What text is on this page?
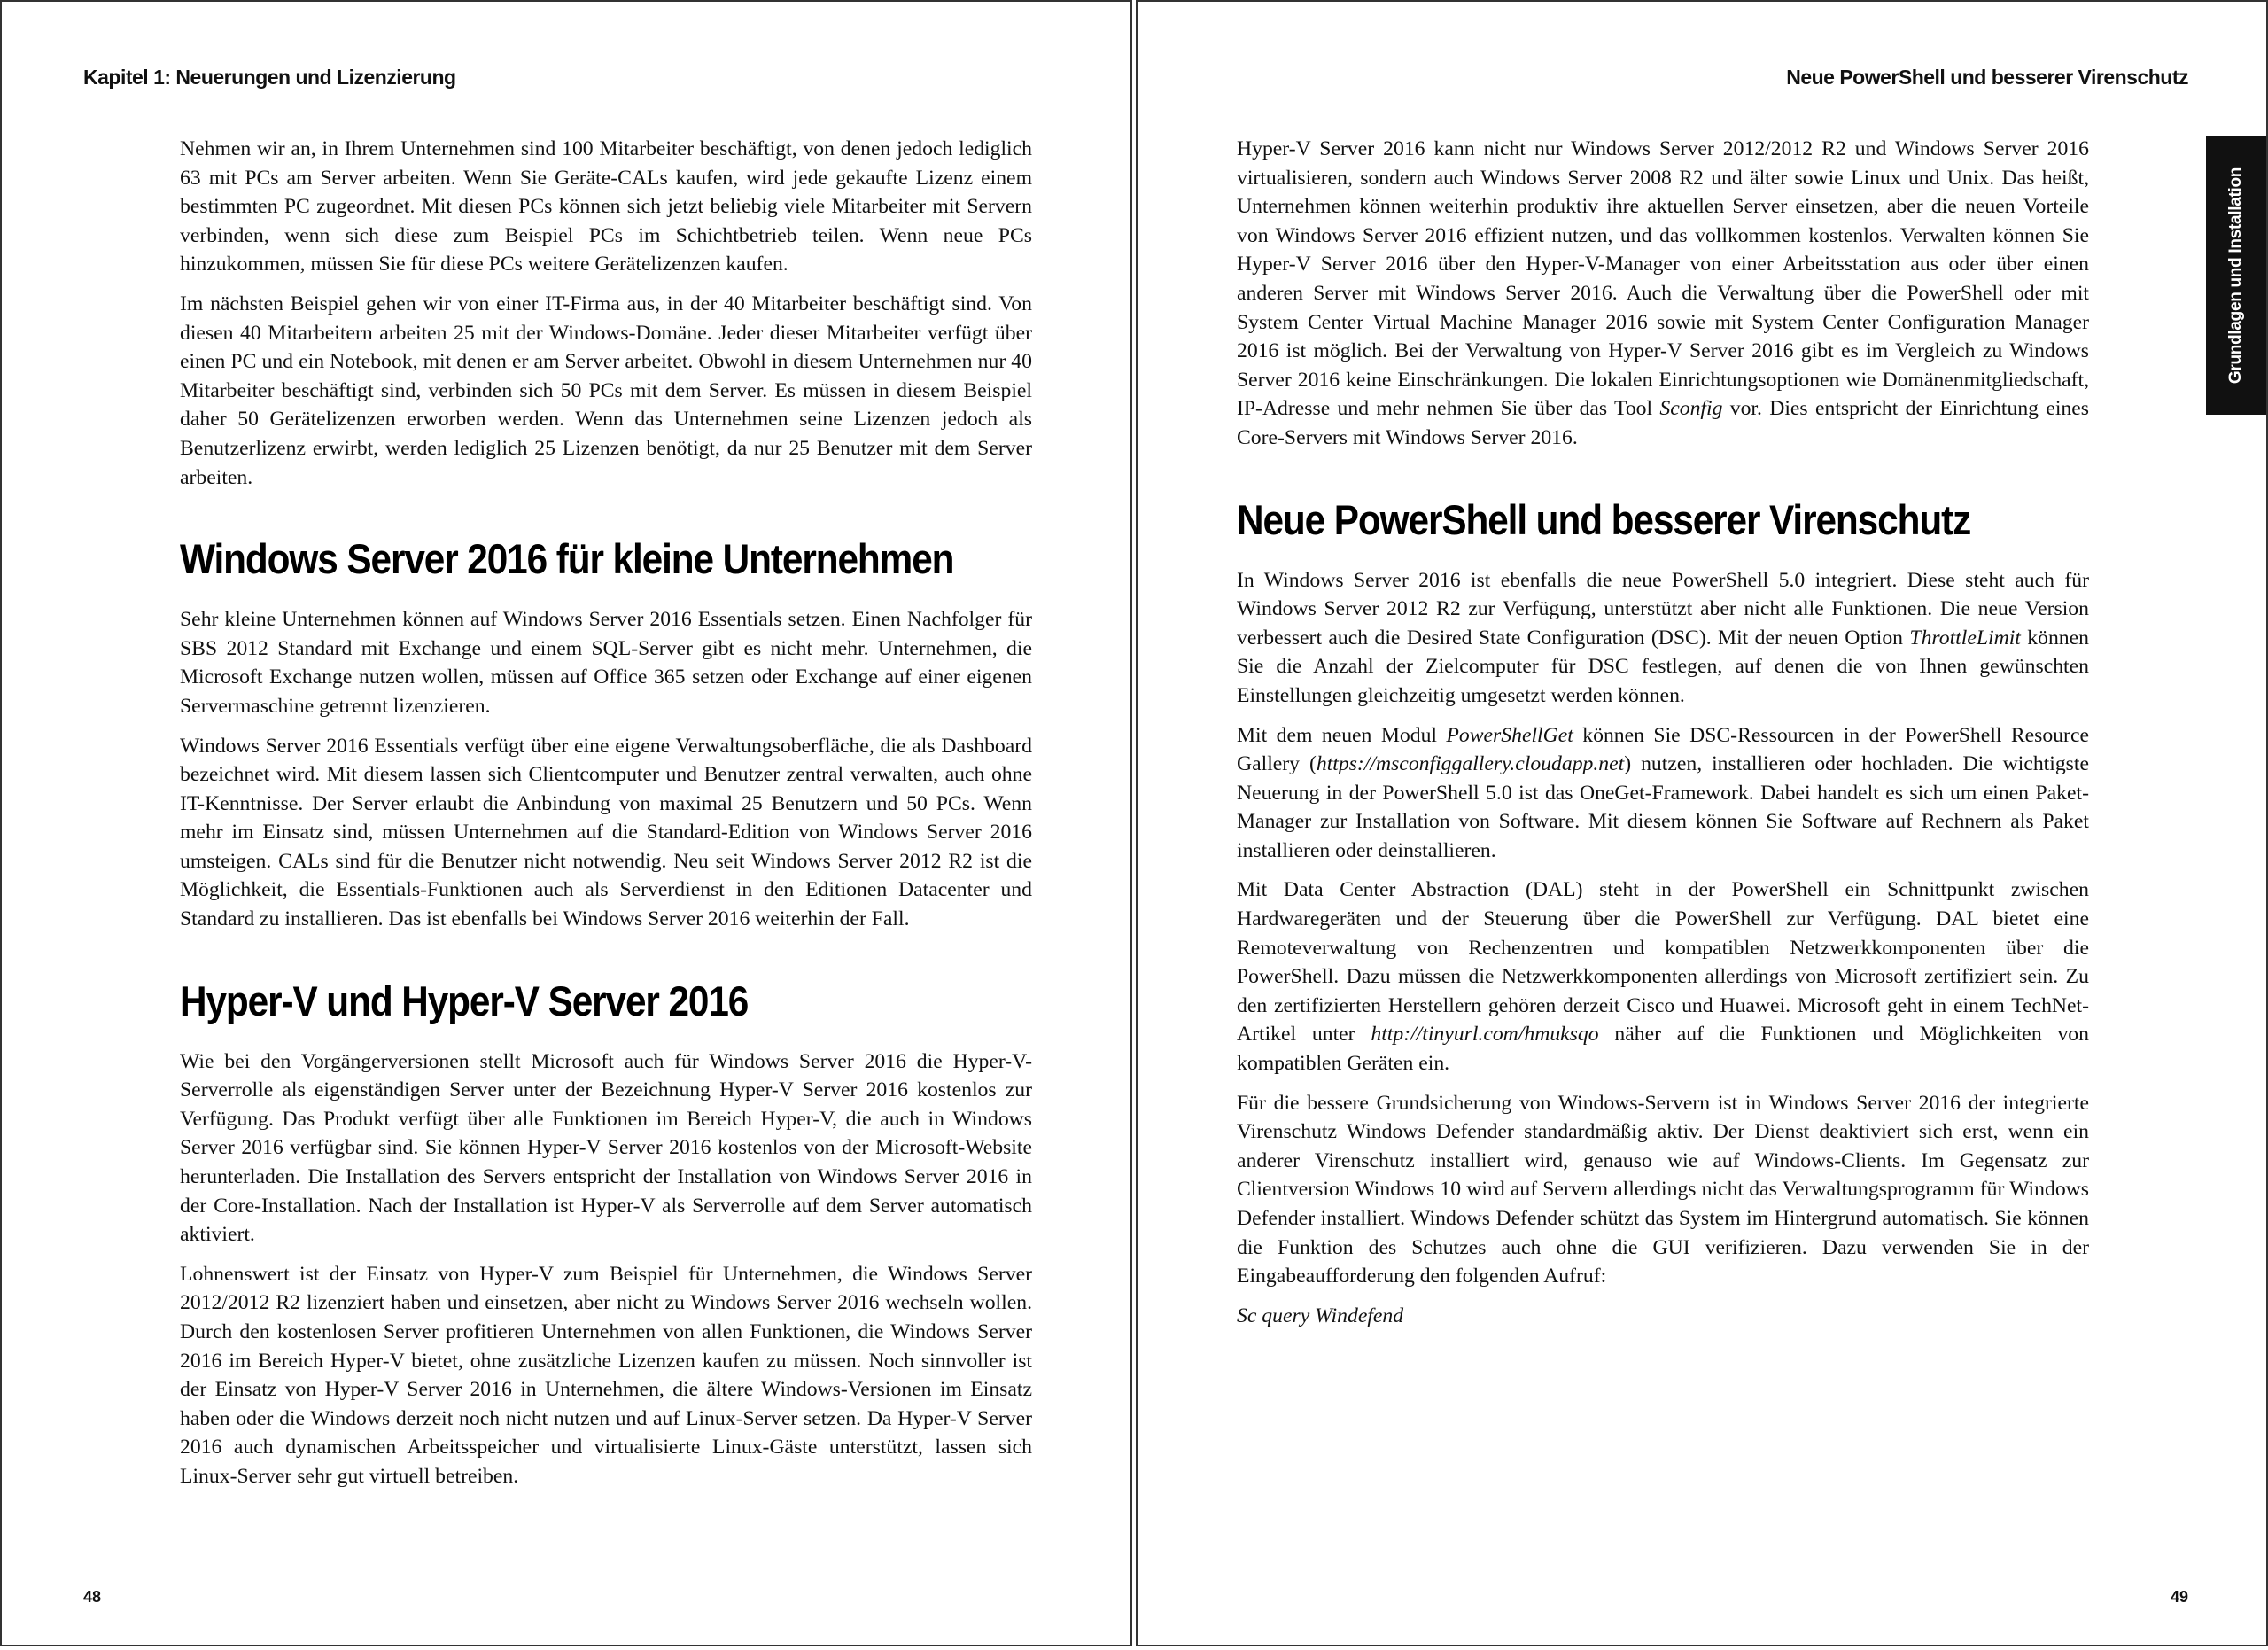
Kapitel 1: Neuerungen und Lizenzierung

Nehmen wir an, in Ihrem Unternehmen sind 100 Mitarbeiter beschäftigt, von denen jedoch lediglich 63 mit PCs am Server arbeiten. Wenn Sie Geräte-CALs kaufen, wird jede gekaufte Lizenz einem bestimmten PC zugeordnet. Mit diesen PCs können sich jetzt beliebig viele Mitarbeiter mit Servern verbinden, wenn sich diese zum Beispiel PCs im Schichtbetrieb teilen. Wenn neue PCs hinzukommen, müssen Sie für diese PCs weitere Gerätelizenzen kaufen.

Im nächsten Beispiel gehen wir von einer IT-Firma aus, in der 40 Mitarbeiter beschäftigt sind. Von diesen 40 Mitarbeitern arbeiten 25 mit der Windows-Domäne. Jeder dieser Mitarbeiter verfügt über einen PC und ein Notebook, mit denen er am Server arbeitet. Obwohl in diesem Unternehmen nur 40 Mitarbeiter beschäftigt sind, verbinden sich 50 PCs mit dem Server. Es müssen in diesem Beispiel daher 50 Gerätelizenzen erworben werden. Wenn das Unternehmen seine Lizenzen jedoch als Benutzerlizenz erwirbt, werden lediglich 25 Lizenzen benötigt, da nur 25 Benutzer mit dem Server arbeiten.

Windows Server 2016 für kleine Unternehmen

Sehr kleine Unternehmen können auf Windows Server 2016 Essentials setzen. Einen Nachfolger für SBS 2012 Standard mit Exchange und einem SQL-Server gibt es nicht mehr. Unternehmen, die Microsoft Exchange nutzen wollen, müssen auf Office 365 setzen oder Exchange auf einer eigenen Servermaschine getrennt lizenzieren.

Windows Server 2016 Essentials verfügt über eine eigene Verwaltungsoberfläche, die als Dashboard bezeichnet wird. Mit diesem lassen sich Clientcomputer und Benutzer zentral verwalten, auch ohne IT-Kenntnisse. Der Server erlaubt die Anbindung von maximal 25 Benutzern und 50 PCs. Wenn mehr im Einsatz sind, müssen Unternehmen auf die Standard-Edition von Windows Server 2016 umsteigen. CALs sind für die Benutzer nicht notwendig. Neu seit Windows Server 2012 R2 ist die Möglichkeit, die Essentials-Funktionen auch als Serverdienst in den Editionen Datacenter und Standard zu installieren. Das ist ebenfalls bei Windows Server 2016 weiterhin der Fall.

Hyper-V und Hyper-V Server 2016

Wie bei den Vorgängerversionen stellt Microsoft auch für Windows Server 2016 die Hyper-V-Serverrolle als eigenständigen Server unter der Bezeichnung Hyper-V Server 2016 kostenlos zur Verfügung. Das Produkt verfügt über alle Funktionen im Bereich Hyper-V, die auch in Windows Server 2016 verfügbar sind. Sie können Hyper-V Server 2016 kostenlos von der Microsoft-Website herunterladen. Die Installation des Servers entspricht der Installation von Windows Server 2016 in der Core-Installation. Nach der Installation ist Hyper-V als Serverrolle auf dem Server automatisch aktiviert.

Lohnenswert ist der Einsatz von Hyper-V zum Beispiel für Unternehmen, die Windows Server 2012/2012 R2 lizenziert haben und einsetzen, aber nicht zu Windows Server 2016 wechseln wollen. Durch den kostenlosen Server profitieren Unternehmen von allen Funktionen, die Windows Server 2016 im Bereich Hyper-V bietet, ohne zusätzliche Lizenzen kaufen zu müssen. Noch sinnvoller ist der Einsatz von Hyper-V Server 2016 in Unternehmen, die ältere Windows-Versionen im Einsatz haben oder die Windows derzeit noch nicht nutzen und auf Linux-Server setzen. Da Hyper-V Server 2016 auch dynamischen Arbeitsspeicher und virtualisierte Linux-Gäste unterstützt, lassen sich Linux-Server sehr gut virtuell betreiben.

48
Neue PowerShell und besserer Virenschutz
Grundlagen und Installation

Hyper-V Server 2016 kann nicht nur Windows Server 2012/2012 R2 und Windows Server 2016 virtualisieren, sondern auch Windows Server 2008 R2 und älter sowie Linux und Unix. Das heißt, Unternehmen können weiterhin produktiv ihre aktuellen Server einsetzen, aber die neuen Vorteile von Windows Server 2016 effizient nutzen, und das vollkommen kostenlos. Verwalten können Sie Hyper-V Server 2016 über den Hyper-V-Manager von einer Arbeitsstation aus oder über einen anderen Server mit Windows Server 2016. Auch die Verwaltung über die PowerShell oder mit System Center Virtual Machine Manager 2016 sowie mit System Center Configuration Manager 2016 ist möglich. Bei der Verwaltung von Hyper-V Server 2016 gibt es im Vergleich zu Windows Server 2016 keine Einschränkungen. Die lokalen Einrichtungsoptionen wie Domänenmitgliedschaft, IP-Adresse und mehr nehmen Sie über das Tool Sconfig vor. Dies entspricht der Einrichtung eines Core-Servers mit Windows Server 2016.

Neue PowerShell und besserer Virenschutz

In Windows Server 2016 ist ebenfalls die neue PowerShell 5.0 integriert. Diese steht auch für Windows Server 2012 R2 zur Verfügung, unterstützt aber nicht alle Funktionen. Die neue Version verbessert auch die Desired State Configuration (DSC). Mit der neuen Option ThrottleLimit können Sie die Anzahl der Zielcomputer für DSC festlegen, auf denen die von Ihnen gewünschten Einstellungen gleichzeitig umgesetzt werden können.

Mit dem neuen Modul PowerShellGet können Sie DSC-Ressourcen in der PowerShell Resource Gallery (https://msconfiggallery.cloudapp.net) nutzen, installieren oder hochladen. Die wichtigste Neuerung in der PowerShell 5.0 ist das OneGet-Framework. Dabei handelt es sich um einen Paket-Manager zur Installation von Software. Mit diesem können Sie Software auf Rechnern als Paket installieren oder deinstallieren.

Mit Data Center Abstraction (DAL) steht in der PowerShell ein Schnittpunkt zwischen Hardwaregeräten und der Steuerung über die PowerShell zur Verfügung. DAL bietet eine Remoteverwaltung von Rechenzentren und kompatiblen Netzwerkkomponenten über die PowerShell. Dazu müssen die Netzwerkkomponenten allerdings von Microsoft zertifiziert sein. Zu den zertifizierten Herstellern gehören derzeit Cisco und Huawei. Microsoft geht in einem TechNet-Artikel unter http://tinyurl.com/hmuksqo näher auf die Funktionen und Möglichkeiten von kompatiblen Geräten ein.

Für die bessere Grundsicherung von Windows-Servern ist in Windows Server 2016 der integrierte Virenschutz Windows Defender standardmäßig aktiv. Der Dienst deaktiviert sich erst, wenn ein anderer Virenschutz installiert wird, genauso wie auf Windows-Clients. Im Gegensatz zur Clientversion Windows 10 wird auf Servern allerdings nicht das Verwaltungsprogramm für Windows Defender installiert. Windows Defender schützt das System im Hintergrund automatisch. Sie können die Funktion des Schutzes auch ohne die GUI verifizieren. Dazu verwenden Sie in der Eingabeaufforderung den folgenden Aufruf:

Sc query Windefend

49
